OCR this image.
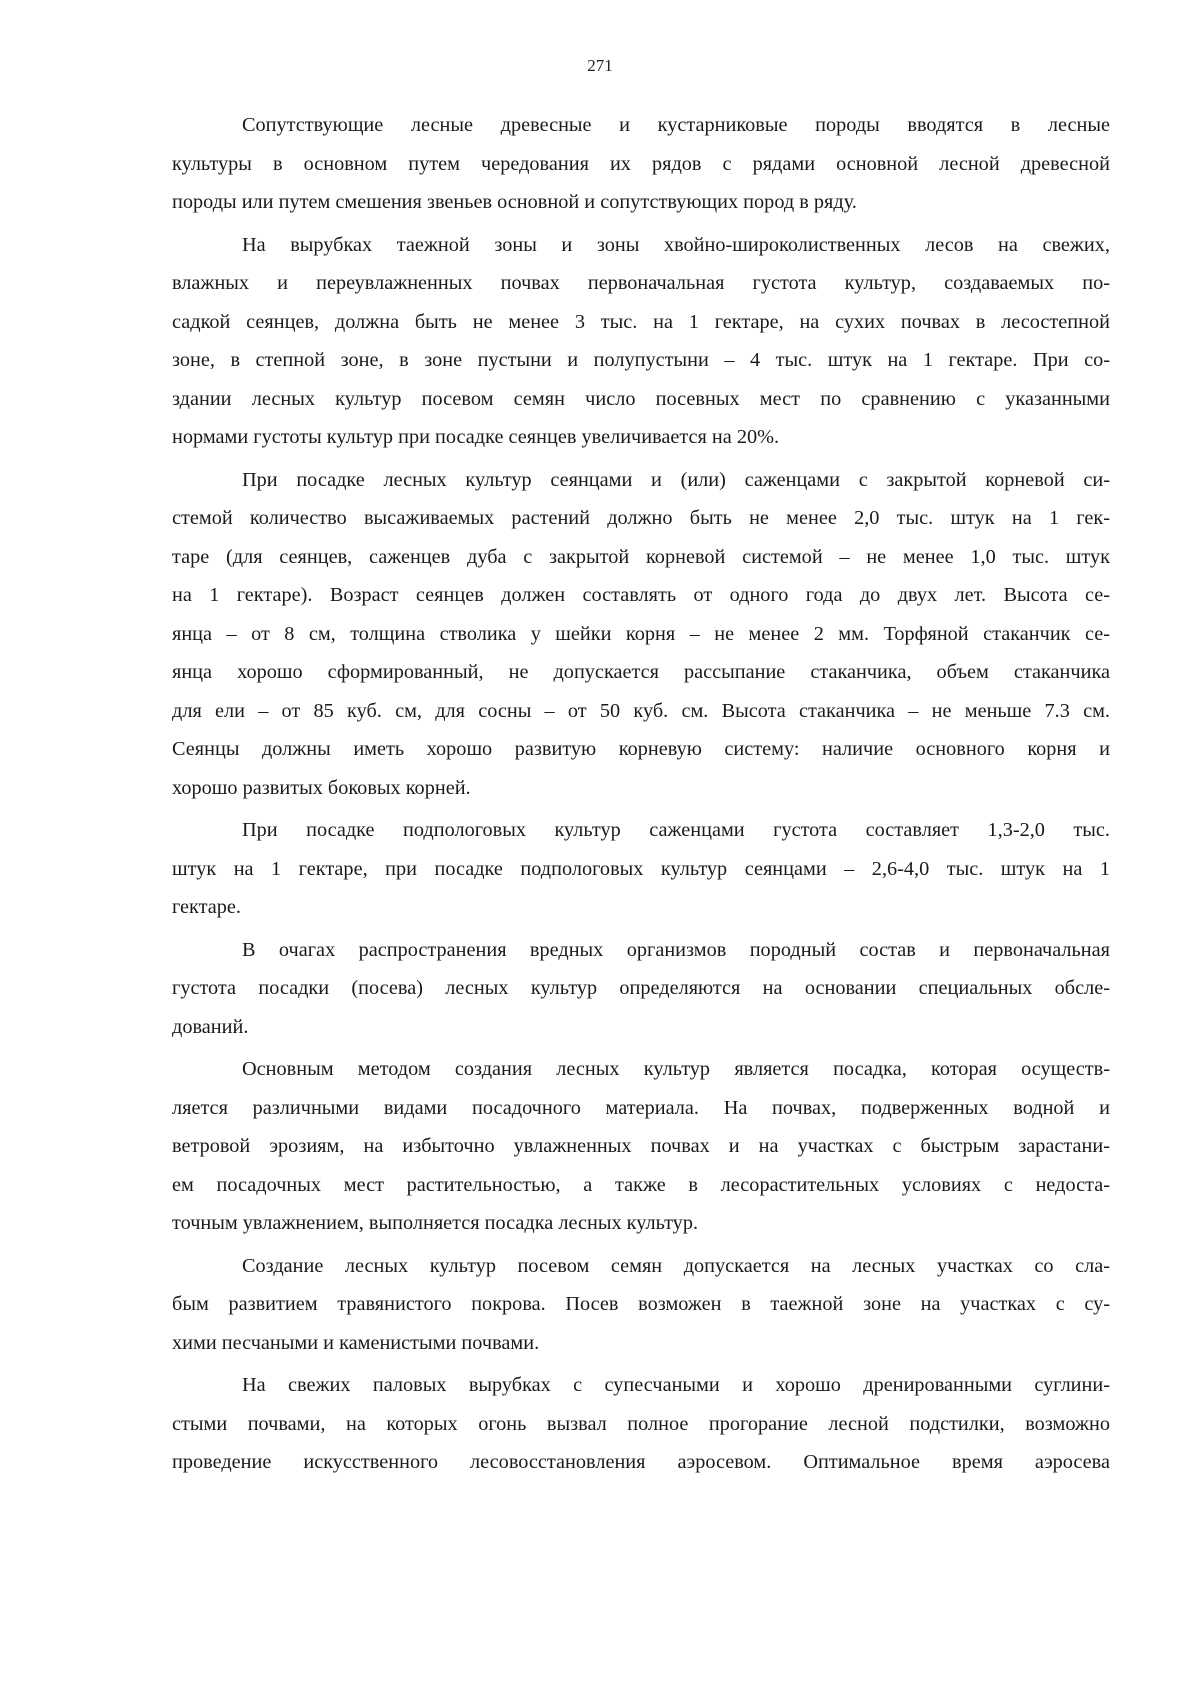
271

Сопутствующие лесные древесные и кустарниковые породы вводятся в лесные
культуры в основном путем чередования их рядов с рядами основной лесной древесной
породы или путем смешения звеньев основной и сопутствующих пород в ряду.

На вырубках таежной зоны и зоны хвойно-широколиственных лесов на свежих,
влажных и переувлажненных почвах первоначальная густота культур, создаваемых по-
садкой сеянцев, должна быть не менее 3 тыс. на 1 гектаре, на сухих почвах в лесостепной
зоне, в степной зоне, в зоне пустыни и полупустыни – 4 тыс. штук на 1 гектаре. При со-
здании лесных культур посевом семян число посевных мест по сравнению с указанными
нормами густоты культур при посадке сеянцев увеличивается на 20%.

При посадке лесных культур сеянцами и (или) саженцами с закрытой корневой си-
стемой количество высаживаемых растений должно быть не менее 2,0 тыс. штук на 1 гек-
таре (для сеянцев, саженцев дуба с закрытой корневой системой – не менее 1,0 тыс. штук
на 1 гектаре). Возраст сеянцев должен составлять от одного года до двух лет. Высота се-
янца – от 8 см, толщина стволика у шейки корня – не менее 2 мм. Торфяной стаканчик се-
янца хорошо сформированный, не допускается рассыпание стаканчика, объем стаканчика
для ели – от 85 куб. см, для сосны – от 50 куб. см. Высота стаканчика – не меньше 7.3 см.
Сеянцы должны иметь хорошо развитую корневую систему: наличие основного корня и
хорошо развитых боковых корней.

При посадке подпологовых культур саженцами густота составляет 1,3-2,0 тыс.
штук на 1 гектаре, при посадке подпологовых культур сеянцами – 2,6-4,0 тыс. штук на 1
гектаре.

В очагах распространения вредных организмов породный состав и первоначальная
густота посадки (посева) лесных культур определяются на основании специальных обсле-
дований.

Основным методом создания лесных культур является посадка, которая осуществ-
ляется различными видами посадочного материала. На почвах, подверженных водной и
ветровой эрозиям, на избыточно увлажненных почвах и на участках с быстрым зарастани-
ем посадочных мест растительностью, а также в лесорастительных условиях с недоста-
точным увлажнением, выполняется посадка лесных культур.

Создание лесных культур посевом семян допускается на лесных участках со сла-
бым развитием травянистого покрова. Посев возможен в таежной зоне на участках с су-
хими песчаными и каменистыми почвами.

На свежих паловых вырубках с супесчаными и хорошо дренированными суглини-
стыми почвами, на которых огонь вызвал полное прогорание лесной подстилки, возможно
проведение искусственного лесовосстановления аэросевом. Оптимальное время аэросева
